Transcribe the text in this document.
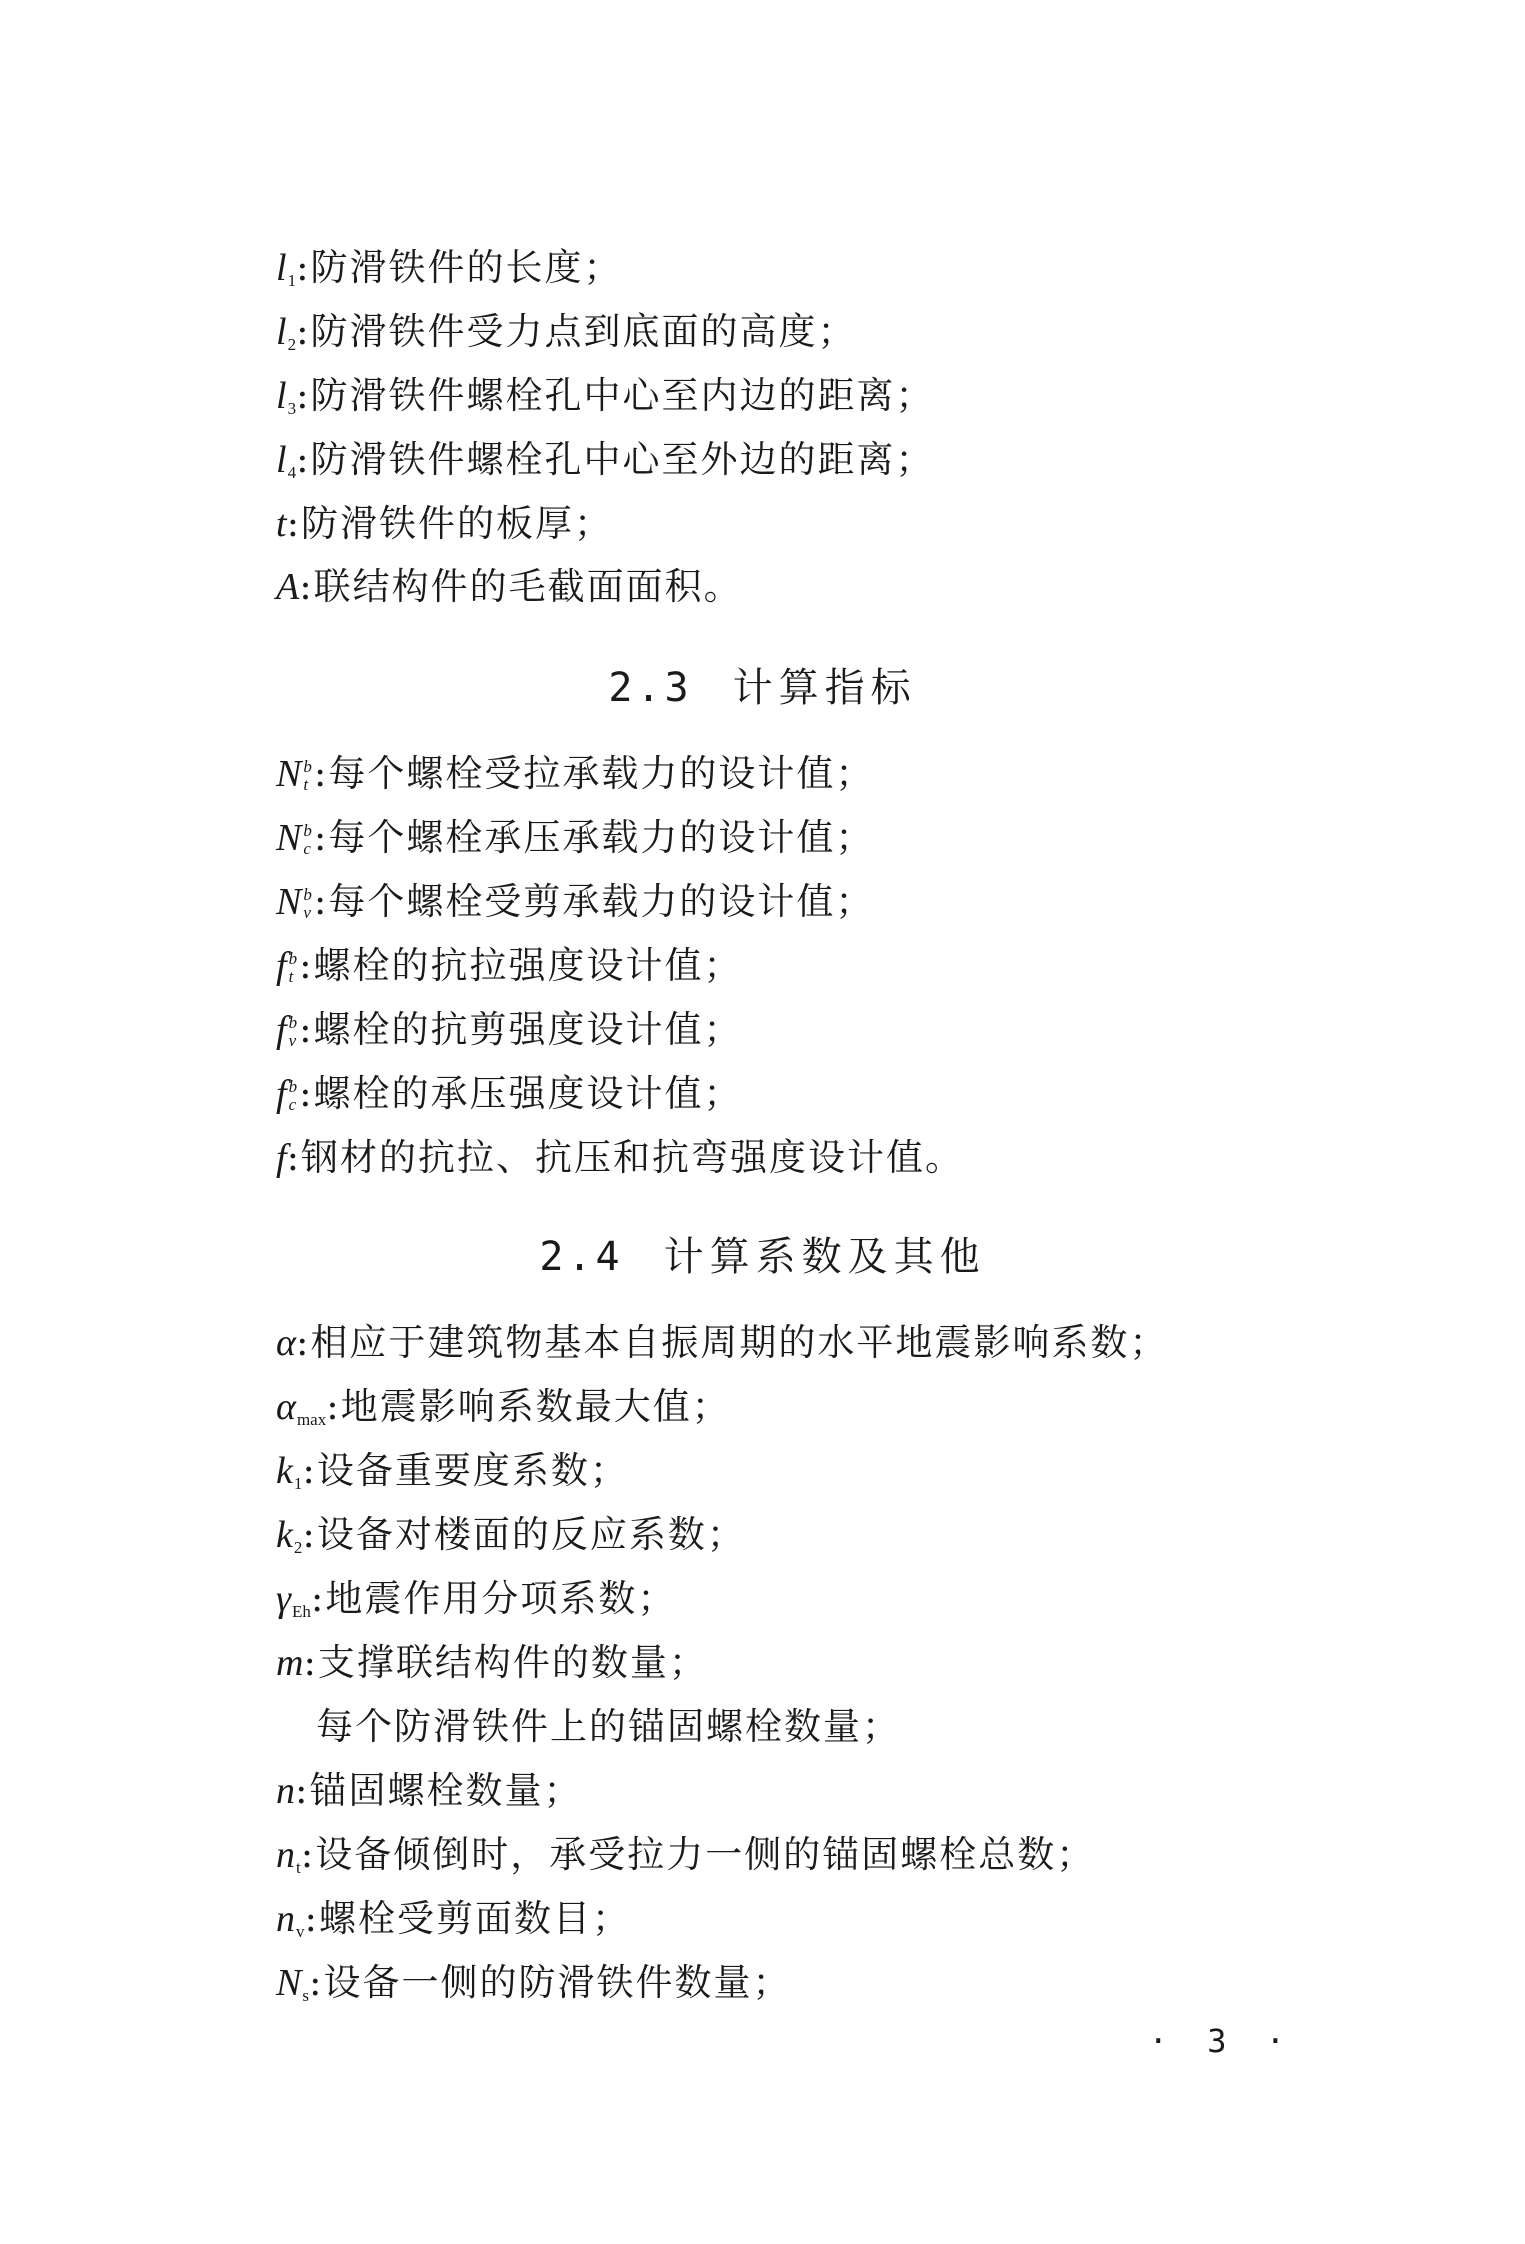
l1:防滑铁件的长度；
l2:防滑铁件受力点到底面的高度；
l3:防滑铁件螺栓孔中心至内边的距离；
l4:防滑铁件螺栓孔中心至外边的距离；
t:防滑铁件的板厚；
A:联结构件的毛截面面积。
2.3 计算指标
N b
t :每个螺栓受拉承载力的设计值；
N b
c :每个螺栓承压承载力的设计值；
N b
v :每个螺栓受剪承载力的设计值；
f b
t :螺栓的抗拉强度设计值；
f b
v :螺栓的抗剪强度设计值；
f b
c :螺栓的承压强度设计值；
f:钢材的抗拉、抗压和抗弯强度设计值。
2.4 计算系数及其他
α:相应于建筑物基本自振周期的水平地震影响系数；
αmax:地震影响系数最大值；
k1:设备重要度系数；
k2:设备对楼面的反应系数；
γEh:地震作用分项系数；
m:支撑联结构件的数量；
每个防滑铁件上的锚固螺栓数量；
n:锚固螺栓数量；
nt:设备倾倒时，承受拉力一侧的锚固螺栓总数；
nv:螺栓受剪面数目；
Ns:设备一侧的防滑铁件数量；
· 3 ·
